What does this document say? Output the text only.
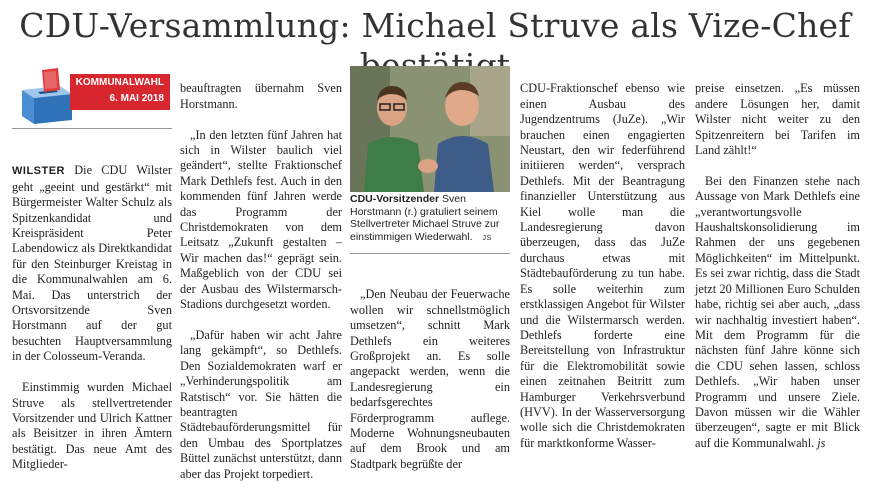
CDU-Versammlung: Michael Struve als Vize-Chef
KOMMUNALWAHL
6. MAI 2018

WILSTER Die CDU Wilster geht „geeint und gestärkt“ mit Bürgermeister Walter Schulz als Spitzenkandidat und Kreispräsident Peter Labendowicz als Direktkandidat für den Steinburger Kreistag in die Kommunalwahlen am 6. Mai. Das unterstrich der Ortsvorsitzende Sven Horstmann auf der gut besuchten Hauptversammlung in der Colosseum-Veranda.

Einstimmig wurden Michael Struve als stellvertretender Vorsitzender und Ulrich Kattner als Beisitzer in ihren Ämtern bestätigt. Das neue Amt des Mitglieder-

beauftragten übernahm Sven Horstmann.

„In den letzten fünf Jahren hat sich in Wilster baulich viel geändert“, stellte Fraktionschef Mark Dethlefs fest. Auch in den kommenden fünf Jahren werde das Programm der Christdemokraten von dem Leitsatz „Zukunft gestalten – Wir machen das!“ geprägt sein. Maßgeblich von der CDU sei der Ausbau des Wilstermarsch-Stadions durchgesetzt worden.

„Dafür haben wir acht Jahre lang gekämpft“, so Dethlefs. Den Sozialdemokraten warf er „Verhinderungspolitik am Ratstisch“ vor. Sie hätten die beantragten Städtebauförderungsmittel für den Umbau des Sportplatzes Büttel zunächst unterstützt, dann aber das Projekt torpediert.

CDU-Vorsitzender Sven Horstmann (r.) gratuliert seinem Stellvertreter Michael Struve zur einstimmigen Wiederwahl. JS

„Den Neubau der Feuerwache wollen wir schnellstmöglich umsetzen“, schnitt Mark Dethlefs ein weiteres Großprojekt an. Es solle angepackt werden, wenn die Landesregierung ein bedarfsgerechtes Förderprogramm auflege. Moderne Wohnungsneubauten auf dem Brook und am Stadtpark begrüßte der

CDU-Fraktionschef ebenso wie einen Ausbau des Jugendzentrums (JuZe). „Wir brauchen einen engagierten Neustart, den wir federführend initiieren werden“, versprach Dethlefs. Mit der Beantragung finanzieller Unterstützung aus Kiel wolle man die Landesregierung davon überzeugen, dass das JuZe durchaus etwas mit Städtebauförderung zu tun habe. Es solle weiterhin zum erstklassigen Angebot für Wilster und die Wilstermarsch werden. Dethlefs forderte eine Bereitstellung von Infrastruktur für die Elektromobilität sowie einen zeitnahen Beitritt zum Hamburger Verkehrsverbund (HVV). In der Wasserversorgung wolle sich die Christdemokraten für marktkonforme Wasser-

preise einsetzen. „Es müssen andere Lösungen her, damit Wilster nicht weiter zu den Spitzenreitern bei Tarifen im Land zählt!“

Bei den Finanzen stehe nach Aussage von Mark Dethlefs eine „verantwortungsvolle Haushaltskonsolidierung im Rahmen der uns gegebenen Möglichkeiten“ im Mittelpunkt. Es sei zwar richtig, dass die Stadt jetzt 20 Millionen Euro Schulden habe, richtig sei aber auch, „dass wir nachhaltig investiert haben“. Mit dem Programm für die nächsten fünf Jahre könne sich die CDU sehen lassen, schloss Dethlefs. „Wir haben unser Programm und unsere Ziele. Davon müssen wir die Wähler überzeugen“, sagte er mit Blick auf die Kommunalwahl. js
